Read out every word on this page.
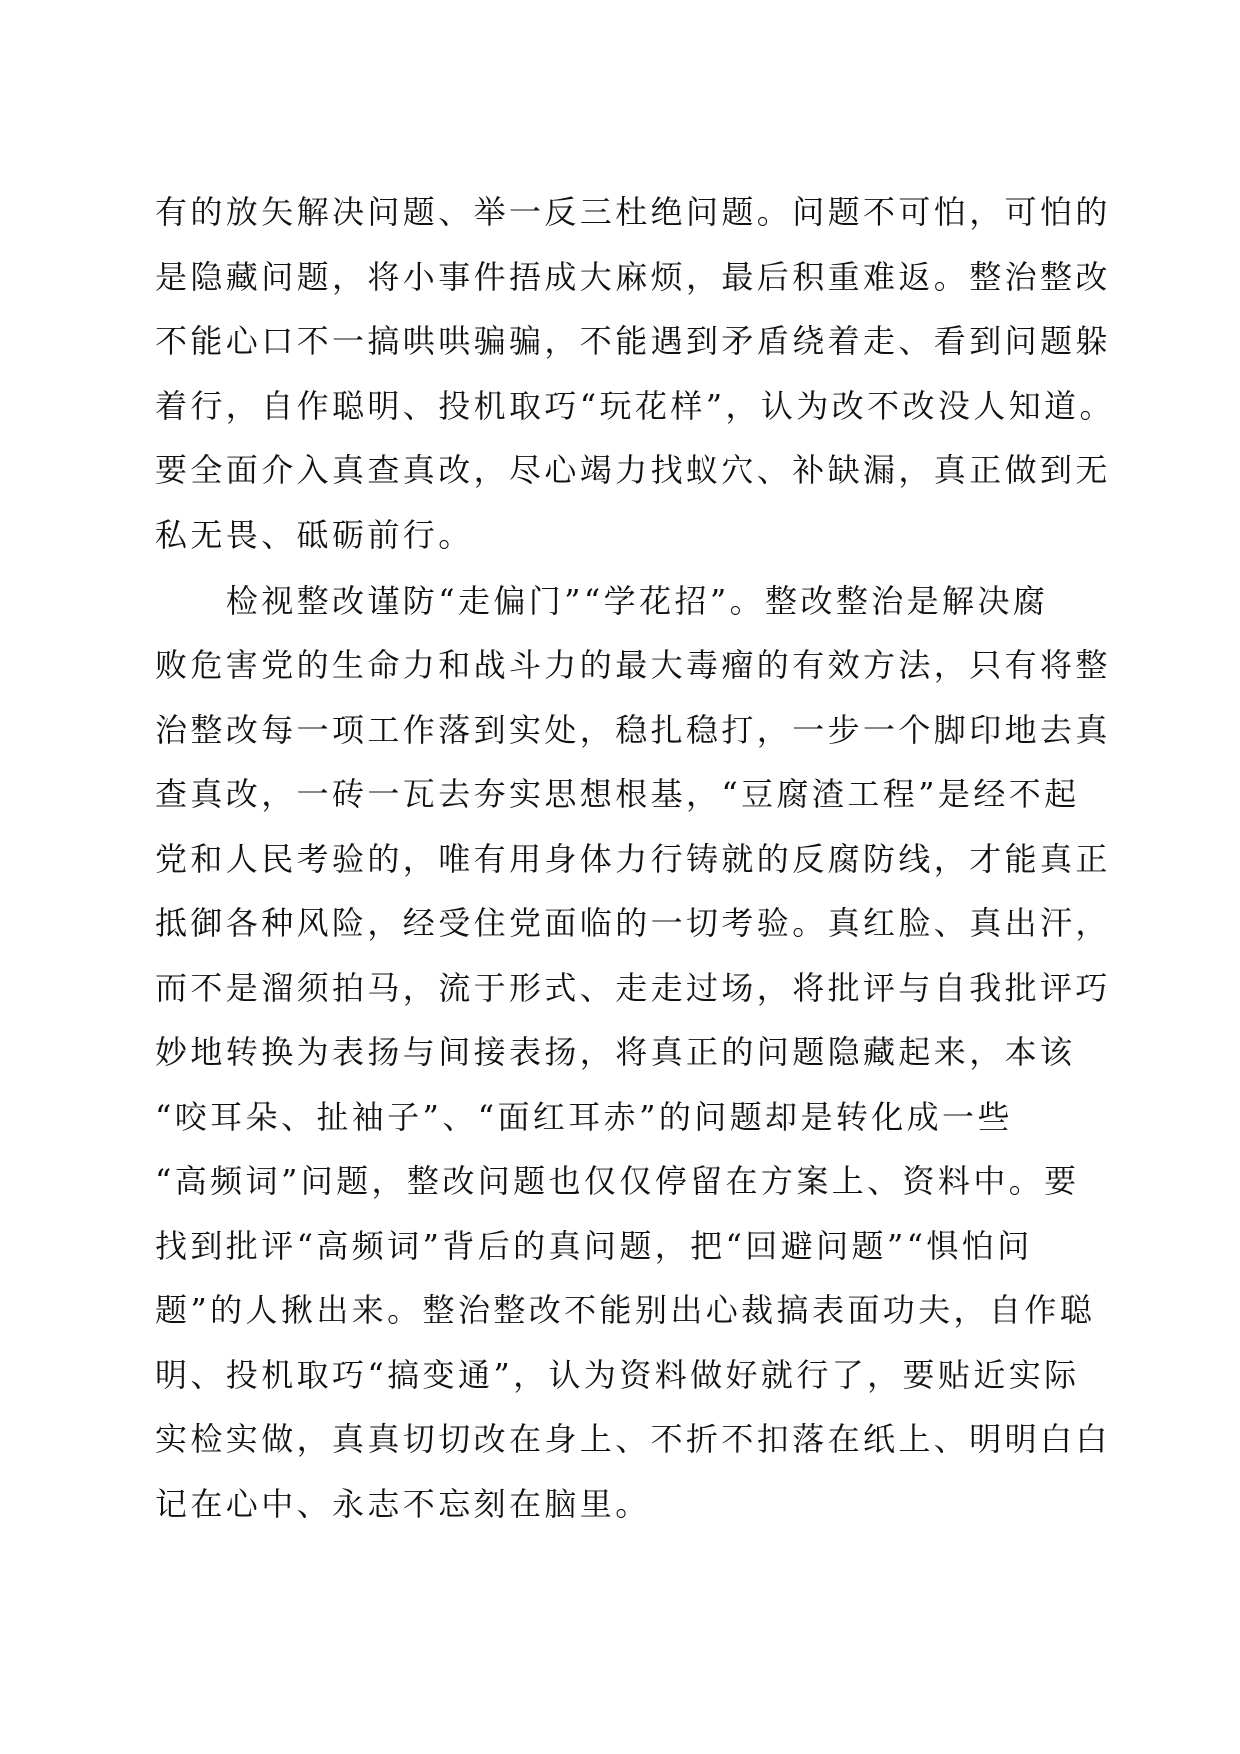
有的放矢解决问题、举一反三杜绝问题。问题不可怕，可怕的
是隐藏问题，将小事件捂成大麻烦，最后积重难返。整治整改
不能心口不一搞哄哄骗骗，不能遇到矛盾绕着走、看到问题躲
着行，自作聪明、投机取巧“玩花样”，认为改不改没人知道。
要全面介入真查真改，尽心竭力找蚁穴、补缺漏，真正做到无
私无畏、砥砺前行。
　　检视整改谨防“走偏门”“学花招”。整改整治是解决腐
败危害党的生命力和战斗力的最大毒瘤的有效方法，只有将整
治整改每一项工作落到实处，稳扎稳打，一步一个脚印地去真
查真改，一砖一瓦去夯实思想根基，“豆腐渣工程”是经不起
党和人民考验的，唯有用身体力行铸就的反腐防线，才能真正
抵御各种风险，经受住党面临的一切考验。真红脸、真出汗，
而不是溜须拍马，流于形式、走走过场，将批评与自我批评巧
妙地转换为表扬与间接表扬，将真正的问题隐藏起来，本该
“咬耳朵、扯袖子”、“面红耳赤”的问题却是转化成一些
“高频词”问题，整改问题也仅仅停留在方案上、资料中。要
找到批评“高频词”背后的真问题，把“回避问题”“惧怕问
题”的人揪出来。整治整改不能别出心裁搞表面功夫，自作聪
明、投机取巧“搞变通”，认为资料做好就行了，要贴近实际
实检实做，真真切切改在身上、不折不扣落在纸上、明明白白
记在心中、永志不忘刻在脑里。
